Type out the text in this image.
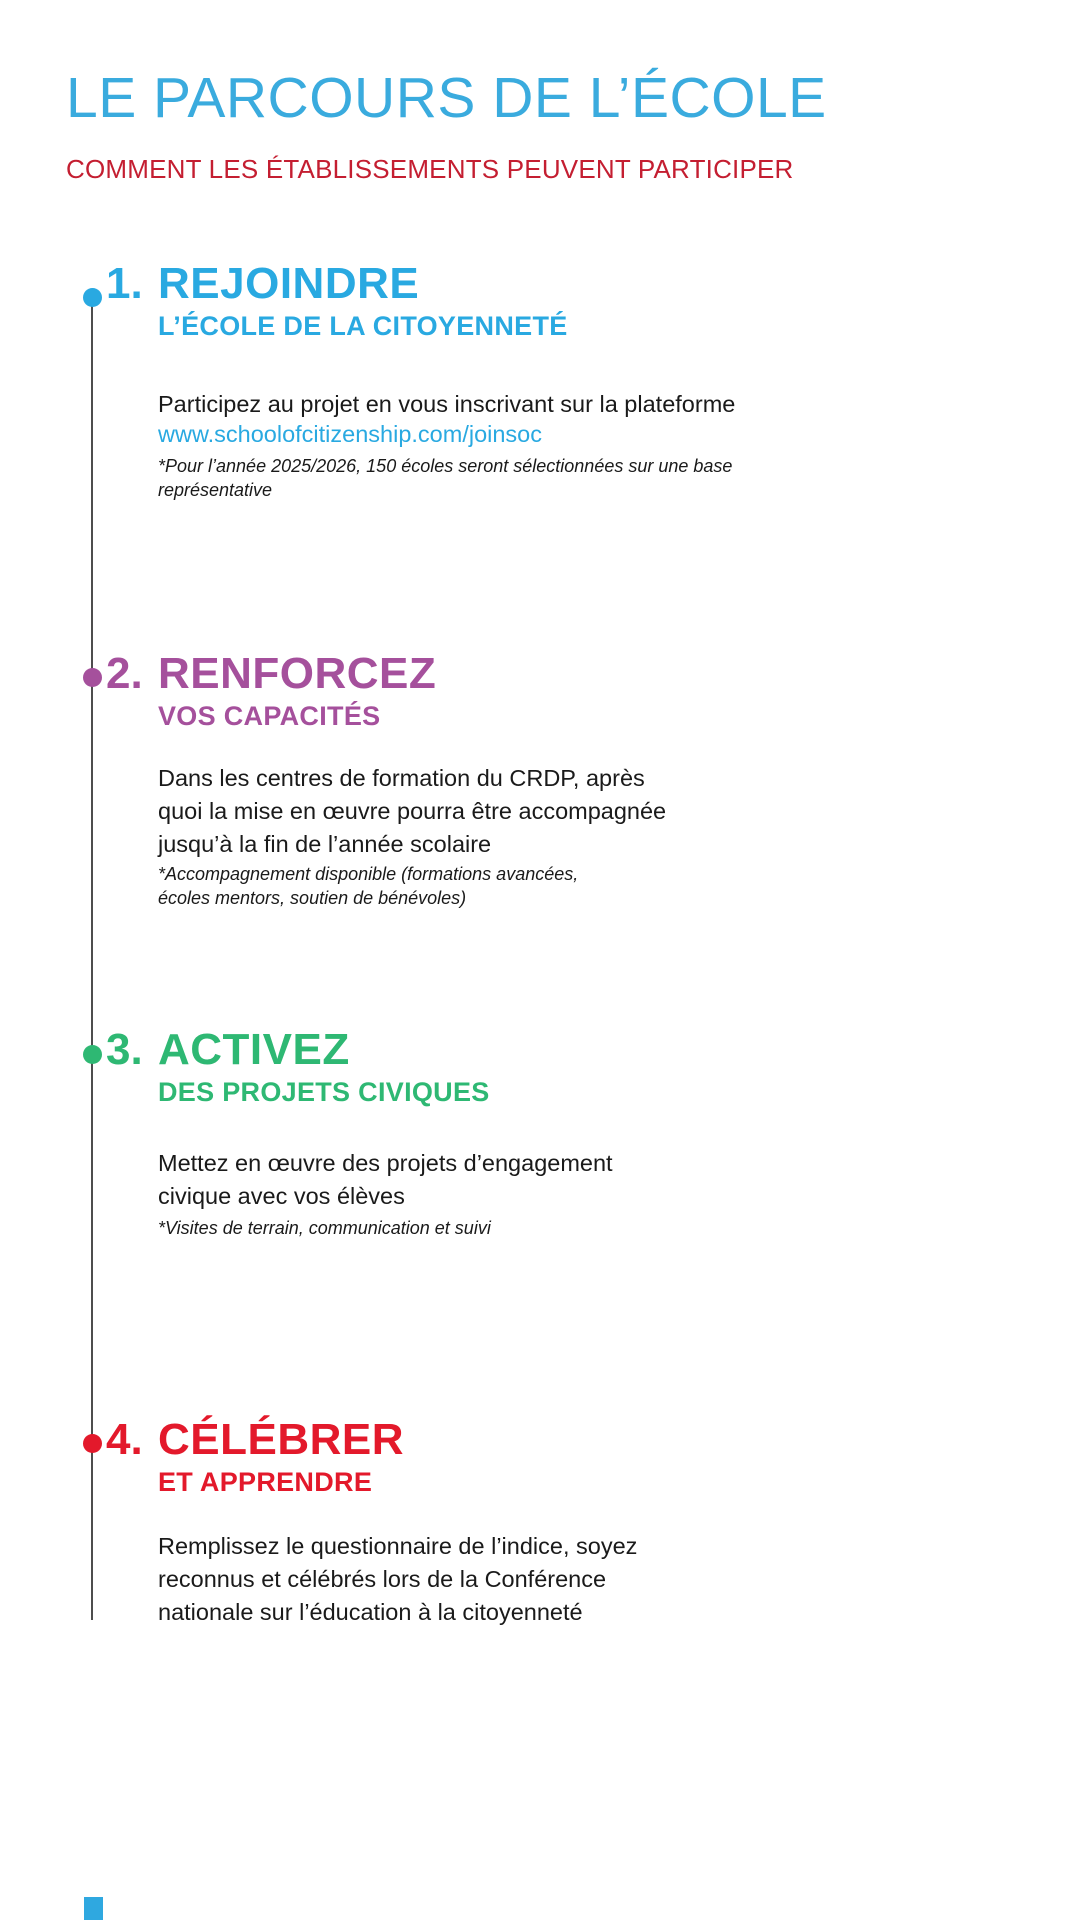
LE PARCOURS DE L’ÉCOLE
COMMENT LES ÉTABLISSEMENTS PEUVENT PARTICIPER
1. REJOINDRE
L’ÉCOLE DE LA CITOYENNETÉ
Participez au projet en vous inscrivant sur la plateforme
www.schoolofcitizenship.com/joinsoc
*Pour l’année 2025/2026, 150 écoles seront sélectionnées sur une base
représentative
2. RENFORCEZ
VOS CAPACITÉS
Dans les centres de formation du CRDP, après
quoi la mise en œuvre pourra être accompagnée
jusqu’à la fin de l’année scolaire
*Accompagnement disponible (formations avancées,
écoles mentors, soutien de bénévoles)
3. ACTIVEZ
DES PROJETS CIVIQUES
Mettez en œuvre des projets d’engagement
civique avec vos élèves
*Visites de terrain, communication et suivi
4. CÉLÉBRER
ET APPRENDRE
Remplissez le questionnaire de l’indice, soyez
reconnus et célébrés lors de la Conférence
nationale sur l’éducation à la citoyenneté
